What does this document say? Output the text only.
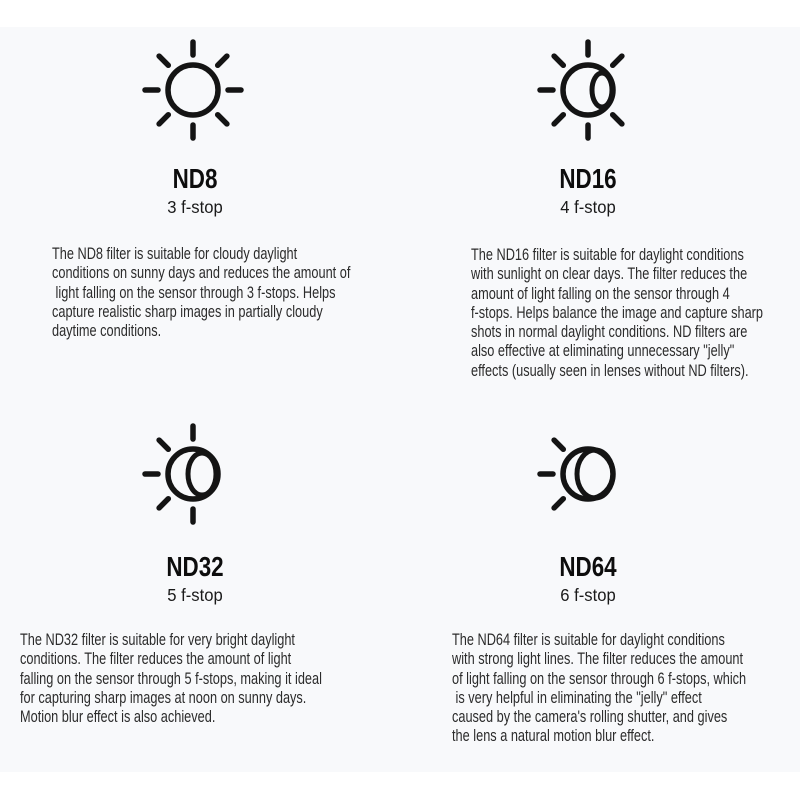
ND8
3 f-stop
The ND8 filter is suitable for cloudy daylight
conditions on sunny days and reduces the amount of
light falling on the sensor through 3 f-stops. Helps
capture realistic sharp images in partially cloudy
daytime conditions.
ND16
4 f-stop
The ND16 filter is suitable for daylight conditions
with sunlight on clear days. The filter reduces the
amount of light falling on the sensor through 4
f-stops. Helps balance the image and capture sharp
shots in normal daylight conditions. ND filters are
also effective at eliminating unnecessary "jelly"
effects (usually seen in lenses without ND filters).
ND32
5 f-stop
The ND32 filter is suitable for very bright daylight
conditions. The filter reduces the amount of light
falling on the sensor through 5 f-stops, making it ideal
for capturing sharp images at noon on sunny days.
Motion blur effect is also achieved.
ND64
6 f-stop
The ND64 filter is suitable for daylight conditions
with strong light lines. The filter reduces the amount
of light falling on the sensor through 6 f-stops, which
is very helpful in eliminating the "jelly" effect
caused by the camera's rolling shutter, and gives
the lens a natural motion blur effect.
